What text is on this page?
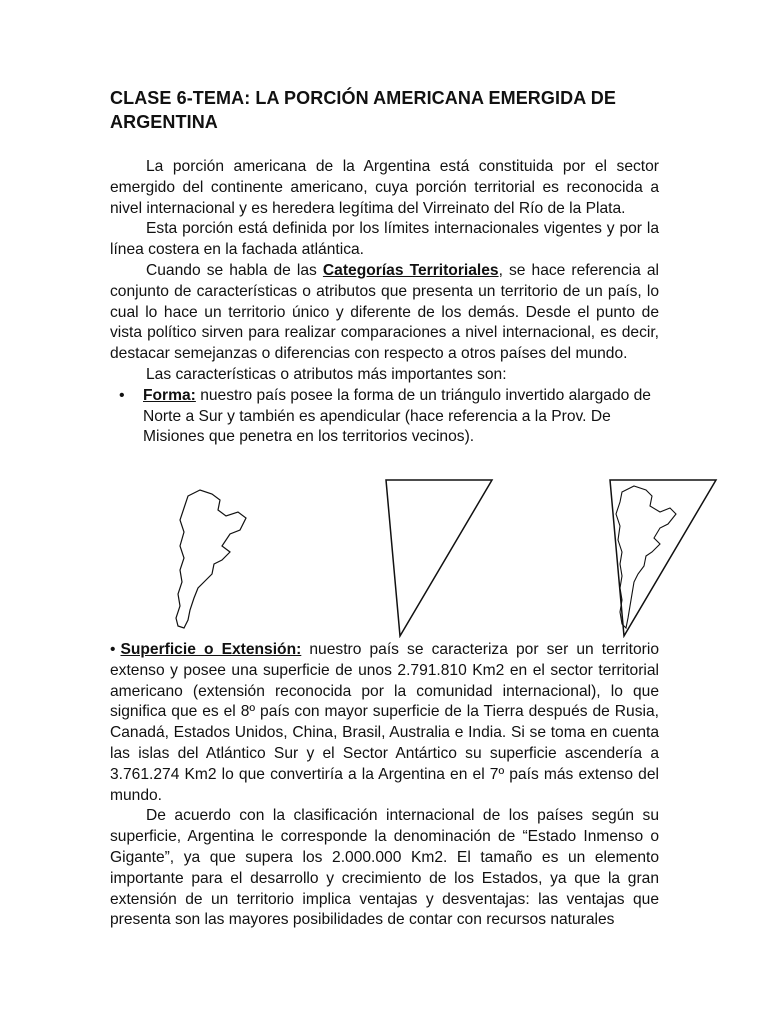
CLASE 6-TEMA: LA PORCIÓN AMERICANA EMERGIDA DE ARGENTINA

La porción americana de la Argentina está constituida por el sector emergido del continente americano, cuya porción territorial es reconocida a nivel internacional y es heredera legítima del Virreinato del Río de la Plata.

Esta porción está definida por los límites internacionales vigentes y por la línea costera en la fachada atlántica.

Cuando se habla de las Categorías Territoriales, se hace referencia al conjunto de características o atributos que presenta un territorio de un país, lo cual lo hace un territorio único y diferente de los demás. Desde el punto de vista político sirven para realizar comparaciones a nivel internacional, es decir, destacar semejanzas o diferencias con respecto a otros países del mundo.

Las características o atributos más importantes son:

• Forma: nuestro país posee la forma de un triángulo invertido alargado de Norte a Sur y también es apendicular (hace referencia a la Prov. De Misiones que penetra en los territorios vecinos).

• Superficie o Extensión: nuestro país se caracteriza por ser un territorio extenso y posee una superficie de unos 2.791.810 Km2 en el sector territorial americano (extensión reconocida por la comunidad internacional), lo que significa que es el 8º país con mayor superficie de la Tierra después de Rusia, Canadá, Estados Unidos, China, Brasil, Australia e India. Si se toma en cuenta las islas del Atlántico Sur y el Sector Antártico su superficie ascendería a 3.761.274 Km2 lo que convertiría a la Argentina en el 7º país más extenso del mundo.

De acuerdo con la clasificación internacional de los países según su superficie, Argentina le corresponde la denominación de “Estado Inmenso o Gigante”, ya que supera los 2.000.000 Km2. El tamaño es un elemento importante para el desarrollo y crecimiento de los Estados, ya que la gran extensión de un territorio implica ventajas y desventajas: las ventajas que presenta son las mayores posibilidades de contar con recursos naturales
